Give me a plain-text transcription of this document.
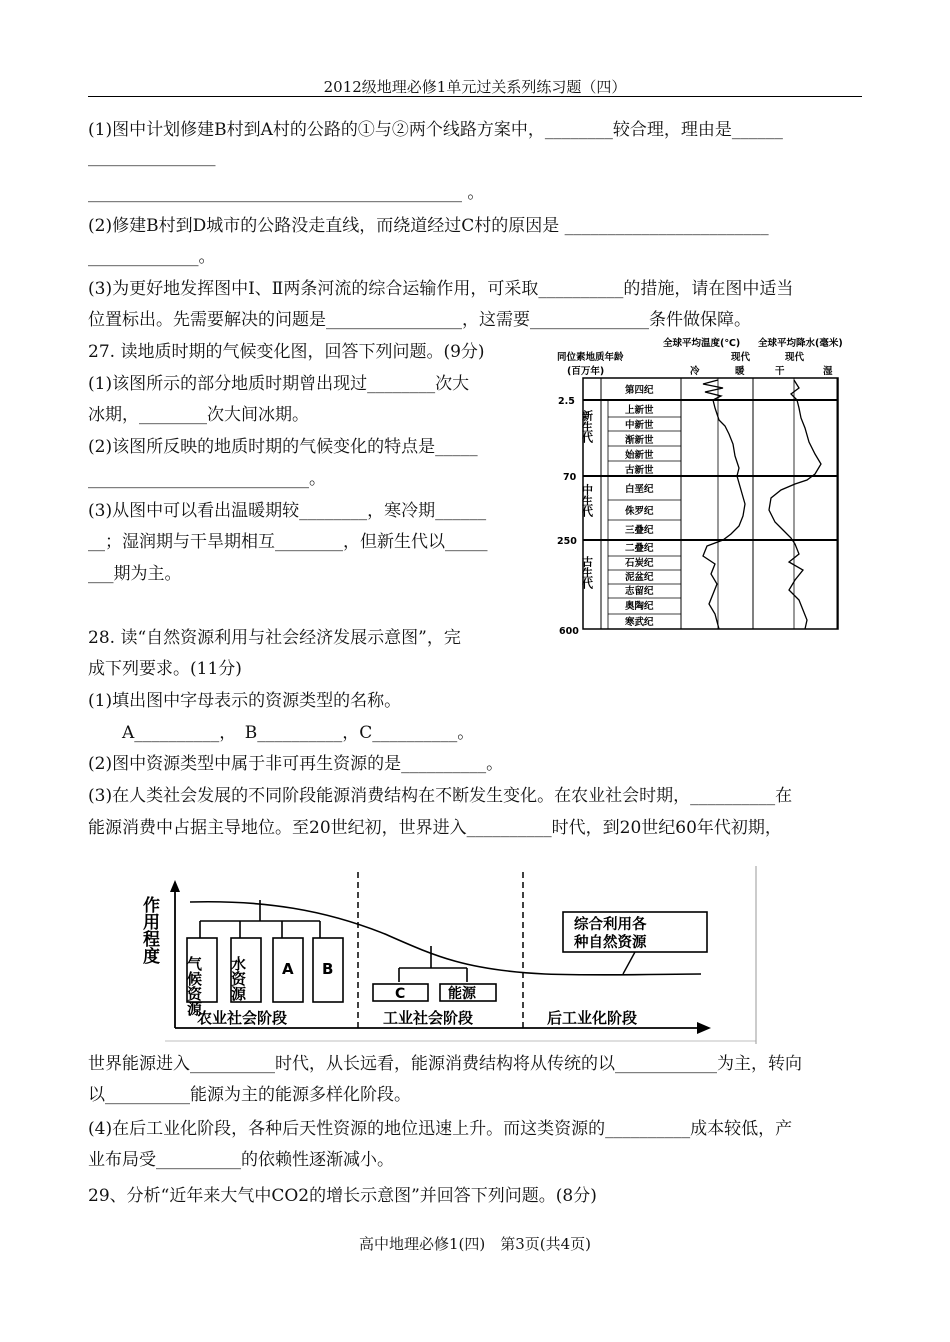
2012级地理必修1单元过关系列练习题（四）
(1)图中计划修建B村到A村的公路的①与②两个线路方案中，________较合理，理由是______
_______________
____________________________________________ 。
(2)修建B村到D城市的公路没走直线，而绕道经过C村的原因是 ________________________
_____________。
(3)为更好地发挥图中Ⅰ、Ⅱ两条河流的综合运输作用，可采取__________的措施，请在图中适当
位置标出。先需要解决的问题是________________，这需要______________条件做保障。
27. 读地质时期的气候变化图，回答下列问题。(9分)
(1)该图所示的部分地质时期曾出现过________次大
冰期，________次大间冰期。
(2)该图所反映的地质时期的气候变化的特点是_____
__________________________。
(3)从图中可以看出温暖期较________，寒冷期______
__；湿润期与干旱期相互________，但新生代以_____
___期为主。
28. 读“自然资源利用与社会经济发展示意图”，完
成下列要求。(11分)
(1)填出图中字母表示的资源类型的名称。
　　A__________，　B__________，C__________。
(2)图中资源类型中属于非可再生资源的是__________。
(3)在人类社会发展的不同阶段能源消费结构在不断发生变化。在农业社会时期，__________在
能源消费中占据主导地位。至20世纪初，世界进入__________时代，到20世纪60年代初期，
世界能源进入__________时代，从长远看，能源消费结构将从传统的以____________为主，转向
以__________能源为主的能源多样化阶段。
(4)在后工业化阶段，各种后天性资源的地位迅速上升。而这类资源的__________成本较低，产
业布局受__________的依赖性逐渐减小。
29、分析“近年来大气中CO2的增长示意图”并回答下列问题。(8分)
全球平均温度(℃) 全球平均降水(毫米)
同位素地质年龄
(百万年)
现代	现代
冷	暖	干	湿
2.5
70
250
600
新生代
中生代
古生代
第四纪
上新世
中新世
渐新世
始新世
古新世
白垩纪
侏罗纪
三叠纪
二叠纪
石炭纪
泥盆纪
志留纪
奥陶纪
寒武纪
作用程度
气候资源 水资源 A B
C	能源
综合利用各
种自然资源
农业社会阶段	工业社会阶段	后工业化阶段
高中地理必修1(四)　第3页(共4页)
